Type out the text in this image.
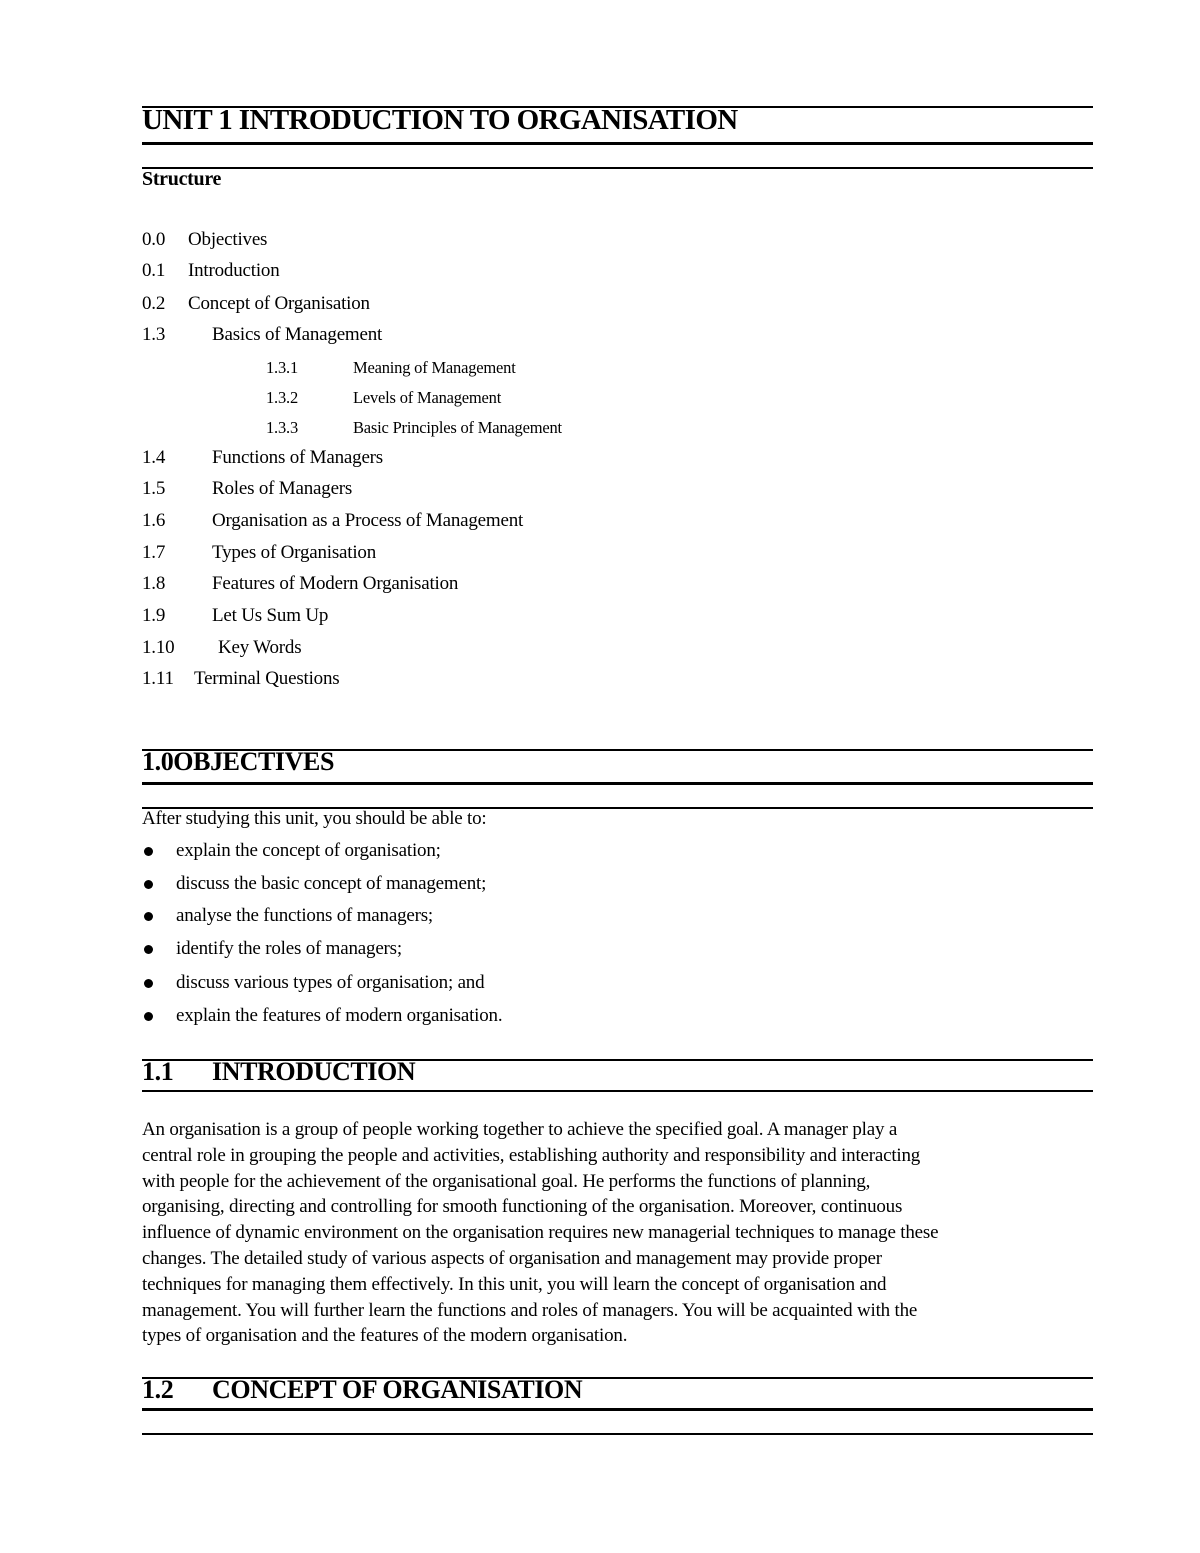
UNIT 1 INTRODUCTION TO ORGANISATION
Structure
0.0 Objectives
0.1 Introduction
0.2 Concept of Organisation
1.3 Basics of Management
1.3.1	Meaning of Management
1.3.2	Levels of Management
1.3.3	Basic Principles of Management
1.4 Functions of Managers
1.5 Roles of Managers
1.6 Organisation as a Process of Management
1.7 Types of Organisation
1.8 Features of Modern Organisation
1.9 Let Us Sum Up
1.10 Key Words
1.11 Terminal Questions
1.0OBJECTIVES
After studying this unit, you should be able to:
explain the concept of organisation;
discuss the basic concept of management;
analyse the functions of managers;
identify the roles of managers;
discuss various types of organisation; and
explain the features of modern organisation.
1.1 INTRODUCTION
An organisation is a group of people working together to achieve the specified goal. A manager play a
central role in grouping the people and activities, establishing authority and responsibility and interacting
with people for the achievement of the organisational goal. He performs the functions of planning,
organising, directing and controlling for smooth functioning of the organisation. Moreover, continuous
influence of dynamic environment on the organisation requires new managerial techniques to manage these
changes. The detailed study of various aspects of organisation and management may provide proper
techniques for managing them effectively. In this unit, you will learn the concept of organisation and
management. You will further learn the functions and roles of managers. You will be acquainted with the
types of organisation and the features of the modern organisation.
1.2 CONCEPT OF ORGANISATION
